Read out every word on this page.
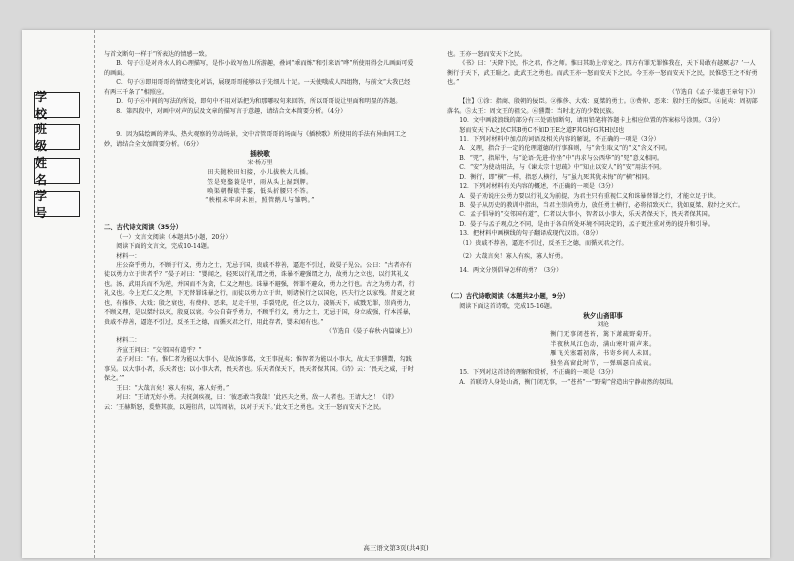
学 校
班 级
姓 名
学 号

与首文断句一样于“所表达的情感一致。

B．句子①是对舟水人的心理描写，是作小故写鱼儿所游趣，叠词“乖而炼”和引来语“哗”所使用得会儿画面可爱的画面。

C．句子③即用哥哥的情绪变化对话，展现哥哥能够以于先细儿十足。一天使哦成人四组物，与前文“大我已经有两三千条了”相照应。

D．句子⑥中间的写法的所说，即句中不用对话把为和那哪叹句来回答，所以哥哥说让里面和明显的答题。

8．第四段中，对画中对声的层及文章的描写言于意趣，请结合文本简要分析。（4分）

9．因为陆绘画的斧头、热火观察的劳动场景，文中音管哥哥的场面与《插秧歌》所使用的手法有异曲同工之妙，请结合全文加简要分析。（6分）

插秧歌

宋·杨万里

田夫抛秧田妇接，小儿拔秧大儿插。

笠是兜鍪蓑是甲，雨从头上湿到胛。

唤渠朝餐歇半霎，低头折腰只不答。

“秧根未牢莳未匝，照管鹅儿与雏鸭。”

二、古代诗文阅读（35分）

（一）文言文阅读（本题共5小题，20分）

阅读下面的文言文，完成10-14题。

材料一：

庄公奋乎勇力，不顾于行义，勇力之士，无忌于国，贵戚不荐善，逼迩不引过，故晏子见公。公曰：“古者亦有徒以勇力立于世者乎？”晏子对曰：“婴闻之，轻死以行礼谓之勇，诛暴不避强谓之力，故勇力之立也，以行其礼义也。汤、武用兵而不为逆，并国而不为贪，仁义之理也。诛暴不避强，替罪不避众，勇力之行也。古之为勇力者，行礼义也。今上无仁义之理，下无替罪诛暴之行，而徒以勇力立于世，则诸侯行之以国危，匹夫行之以家残。昔夏之衰也，有推侈、大戏；殷之衰也，有费仲、恶来，足走千里，手裂兕虎，任之以力，凌轹天下，威戮无罪，崇尚勇力，不顾义理，是以桀纣以灭，殷夏以衰。今公自奋乎勇力，不顾乎行义，勇力之士，无忌于国，身立威强，行本淫暴，贵戚不荐善，逼迩不引过，反圣王之德，而循灭君之行，用此存者，婴未闻有也。”

（节选自《晏子春秋·内篇谏上》）

材料二：

齐宣王问曰：“交邻国有道乎？”

孟子对曰：“有。惟仁者为能以大事小，是故汤事葛，文王事昆夷；惟智者为能以小事大，故太王事獯鬻，勾践事吴。以大事小者，乐天者也；以小事大者，畏天者也。乐天者保天下，畏天者保其国。《诗》云：‘畏天之威，于时保之。’”

王曰：“大哉言矣！寡人有疾，寡人好勇。”

对曰：“王请无好小勇。夫抚剑疾视，曰：‘彼恶敢当我哉！’此匹夫之勇，敌一人者也。王请大之！《诗》云：‘王赫斯怒，爰整其旅，以遏徂莒，以笃周祜，以对于天下。’此文王之勇也。文王一怒而安天下之民。

也。王亦一怒而安天下之民。

《书》曰：‘天降下民，作之君，作之师。惟曰其助上帝宠之。四方有罪无罪惟我在，天下曷敢有越厥志？’一人衡行于天下，武王耻之。此武王之勇也。而武王亦一怒而安天下之民。今王亦一怒而安天下之民，民惟恐王之不好勇也。”

（节选自《孟子·梁惠王章句下》）

【注】①涂：指商、殷朝的佞臣。②推侈、大戏：夏桀的勇士。③费仲、恶来：殷纣王的佞臣。④昆夷：周初部落名。⑤太王：周文王的祖父。⑥獯鬻：当时北方的少数民族。

10．文中画波浪线的部分有三处需加断句，请用铅笔将答题卡上相应位置的答案标号涂黑。（3分）

怒而安天下A之民C其B勇C不如D王E之道F其G好G其H民I也

11．下列对材料中加点的词语及相关内容的解说，不正确的一项是（3分）

A．义理，指合于一定的伦理道德的行事准则，与“舍生取义”的“义”含义不同。

B．“兕”，指犀牛，与“论语·先进·侍坐”中“冉求与公西华”的“兕”意义相同。

C．“安”为使动用法，与《谏太宗十思疏》中“知止以安人”的“安”用法不同。

D．衡行，即“横”一样，指恶人横行，与“虽九死其犹未悔”的“横”相同。

12．下列对材料有关内容的概述，不正确的一项是（3分）

A．晏子劝说庄公勇力要以行礼义为前提，为君主只有重视仁义和诛暴替罪之行，才能立足于世。

B．晏子从历史的教训中指出，当君主崇尚勇力，放任勇士横行，必将招致灭亡，犹如夏桀、殷纣之灭亡。

C．孟子倡导的“交邻国有道”，仁者以大事小，智者以小事大，乐天者保天下，畏天者保其国。

D．晏子与孟子观点之不同，是由于各自所处环境不同决定的，孟子更注重对勇的提升和引导。

13．把材料中画横线的句子翻译成现代汉语。（8分）

（1）贵戚不荐善，逼迩不引过，反圣王之德，而循灭君之行。

（2）大哉言矣！寡人有疾，寡人好勇。

14．两文分别倡导怎样的勇？（3分）

（二）古代诗歌阅读（本题共2小题，9分）

阅读下面这首诗歌，完成15-16题。

秋夕山斋即事

刘沧

衡门无事闭苍苔，篱下萧疏野菊开。

半夜秋风江色动，满山寒叶雨声来。

雁飞关塞霜初落，书寄乡间人未回。

独坐高窗此时节，一弹瑶瑟自成哀。

15．下列对这首诗的理解和赏析，不正确的一项是（3分）

A．首联诗人身处山斋，衡门闭无事，一“苍苔”一“野菊”营造出宁静肃然的氛围。

高三语文第3页(共4页)
